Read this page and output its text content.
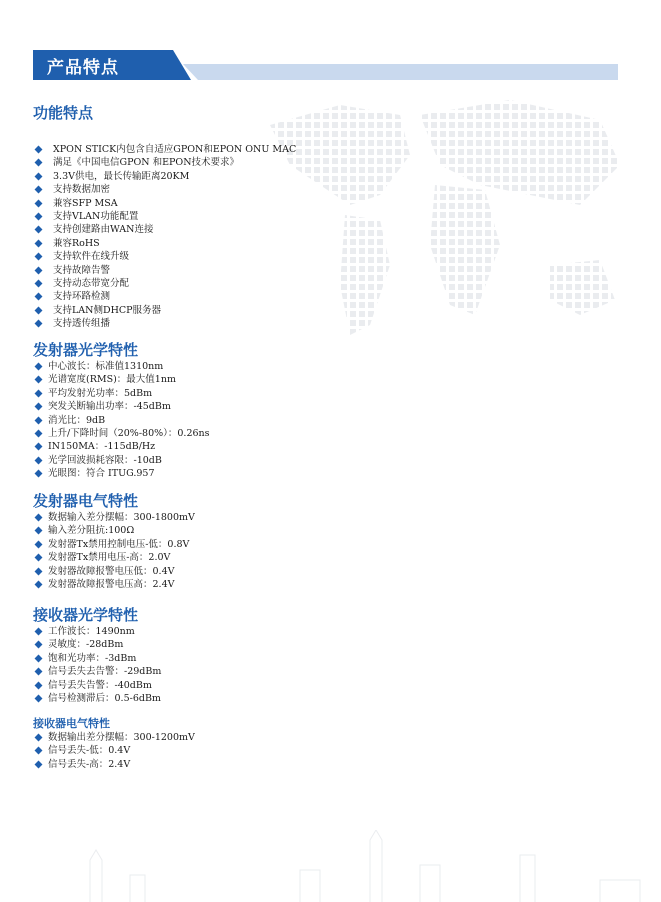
产品特点
功能特点
XPON STICK内包含自适应GPON和EPON ONU MAC
满足《中国电信GPON 和EPON技术要求》
3.3V供电，最长传输距离20KM
支持数据加密
兼容SFP MSA
支持VLAN功能配置
支持创建路由WAN连接
兼容RoHS
支持软件在线升级
支持故障告警
支持动态带宽分配
支持环路检测
支持LAN侧DHCP服务器
支持透传组播
发射器光学特性
中心波长：标准值1310nm
光谱宽度(RMS)：最大值1nm
平均发射光功率：5dBm
突发关断输出功率：-45dBm
消光比：9dB
上升/下降时间（20%-80%）：0.26ns
IN150MA：-115dB/Hz
光学回波损耗容限：-10dB
光眼图：符合 ITUG.957
发射器电气特性
数据输入差分摆幅：300-1800mV
输入差分阻抗:100Ω
发射器Tx禁用控制电压-低：0.8V
发射器Tx禁用电压-高：2.0V
发射器故障报警电压低：0.4V
发射器故障报警电压高：2.4V
接收器光学特性
工作波长：1490nm
灵敏度：-28dBm
饱和光功率：-3dBm
信号丢失去告警：-29dBm
信号丢失告警：-40dBm
信号检测滞后：0.5-6dBm
接收器电气特性
数据输出差分摆幅：300-1200mV
信号丢失-低：0.4V
信号丢失-高：2.4V
